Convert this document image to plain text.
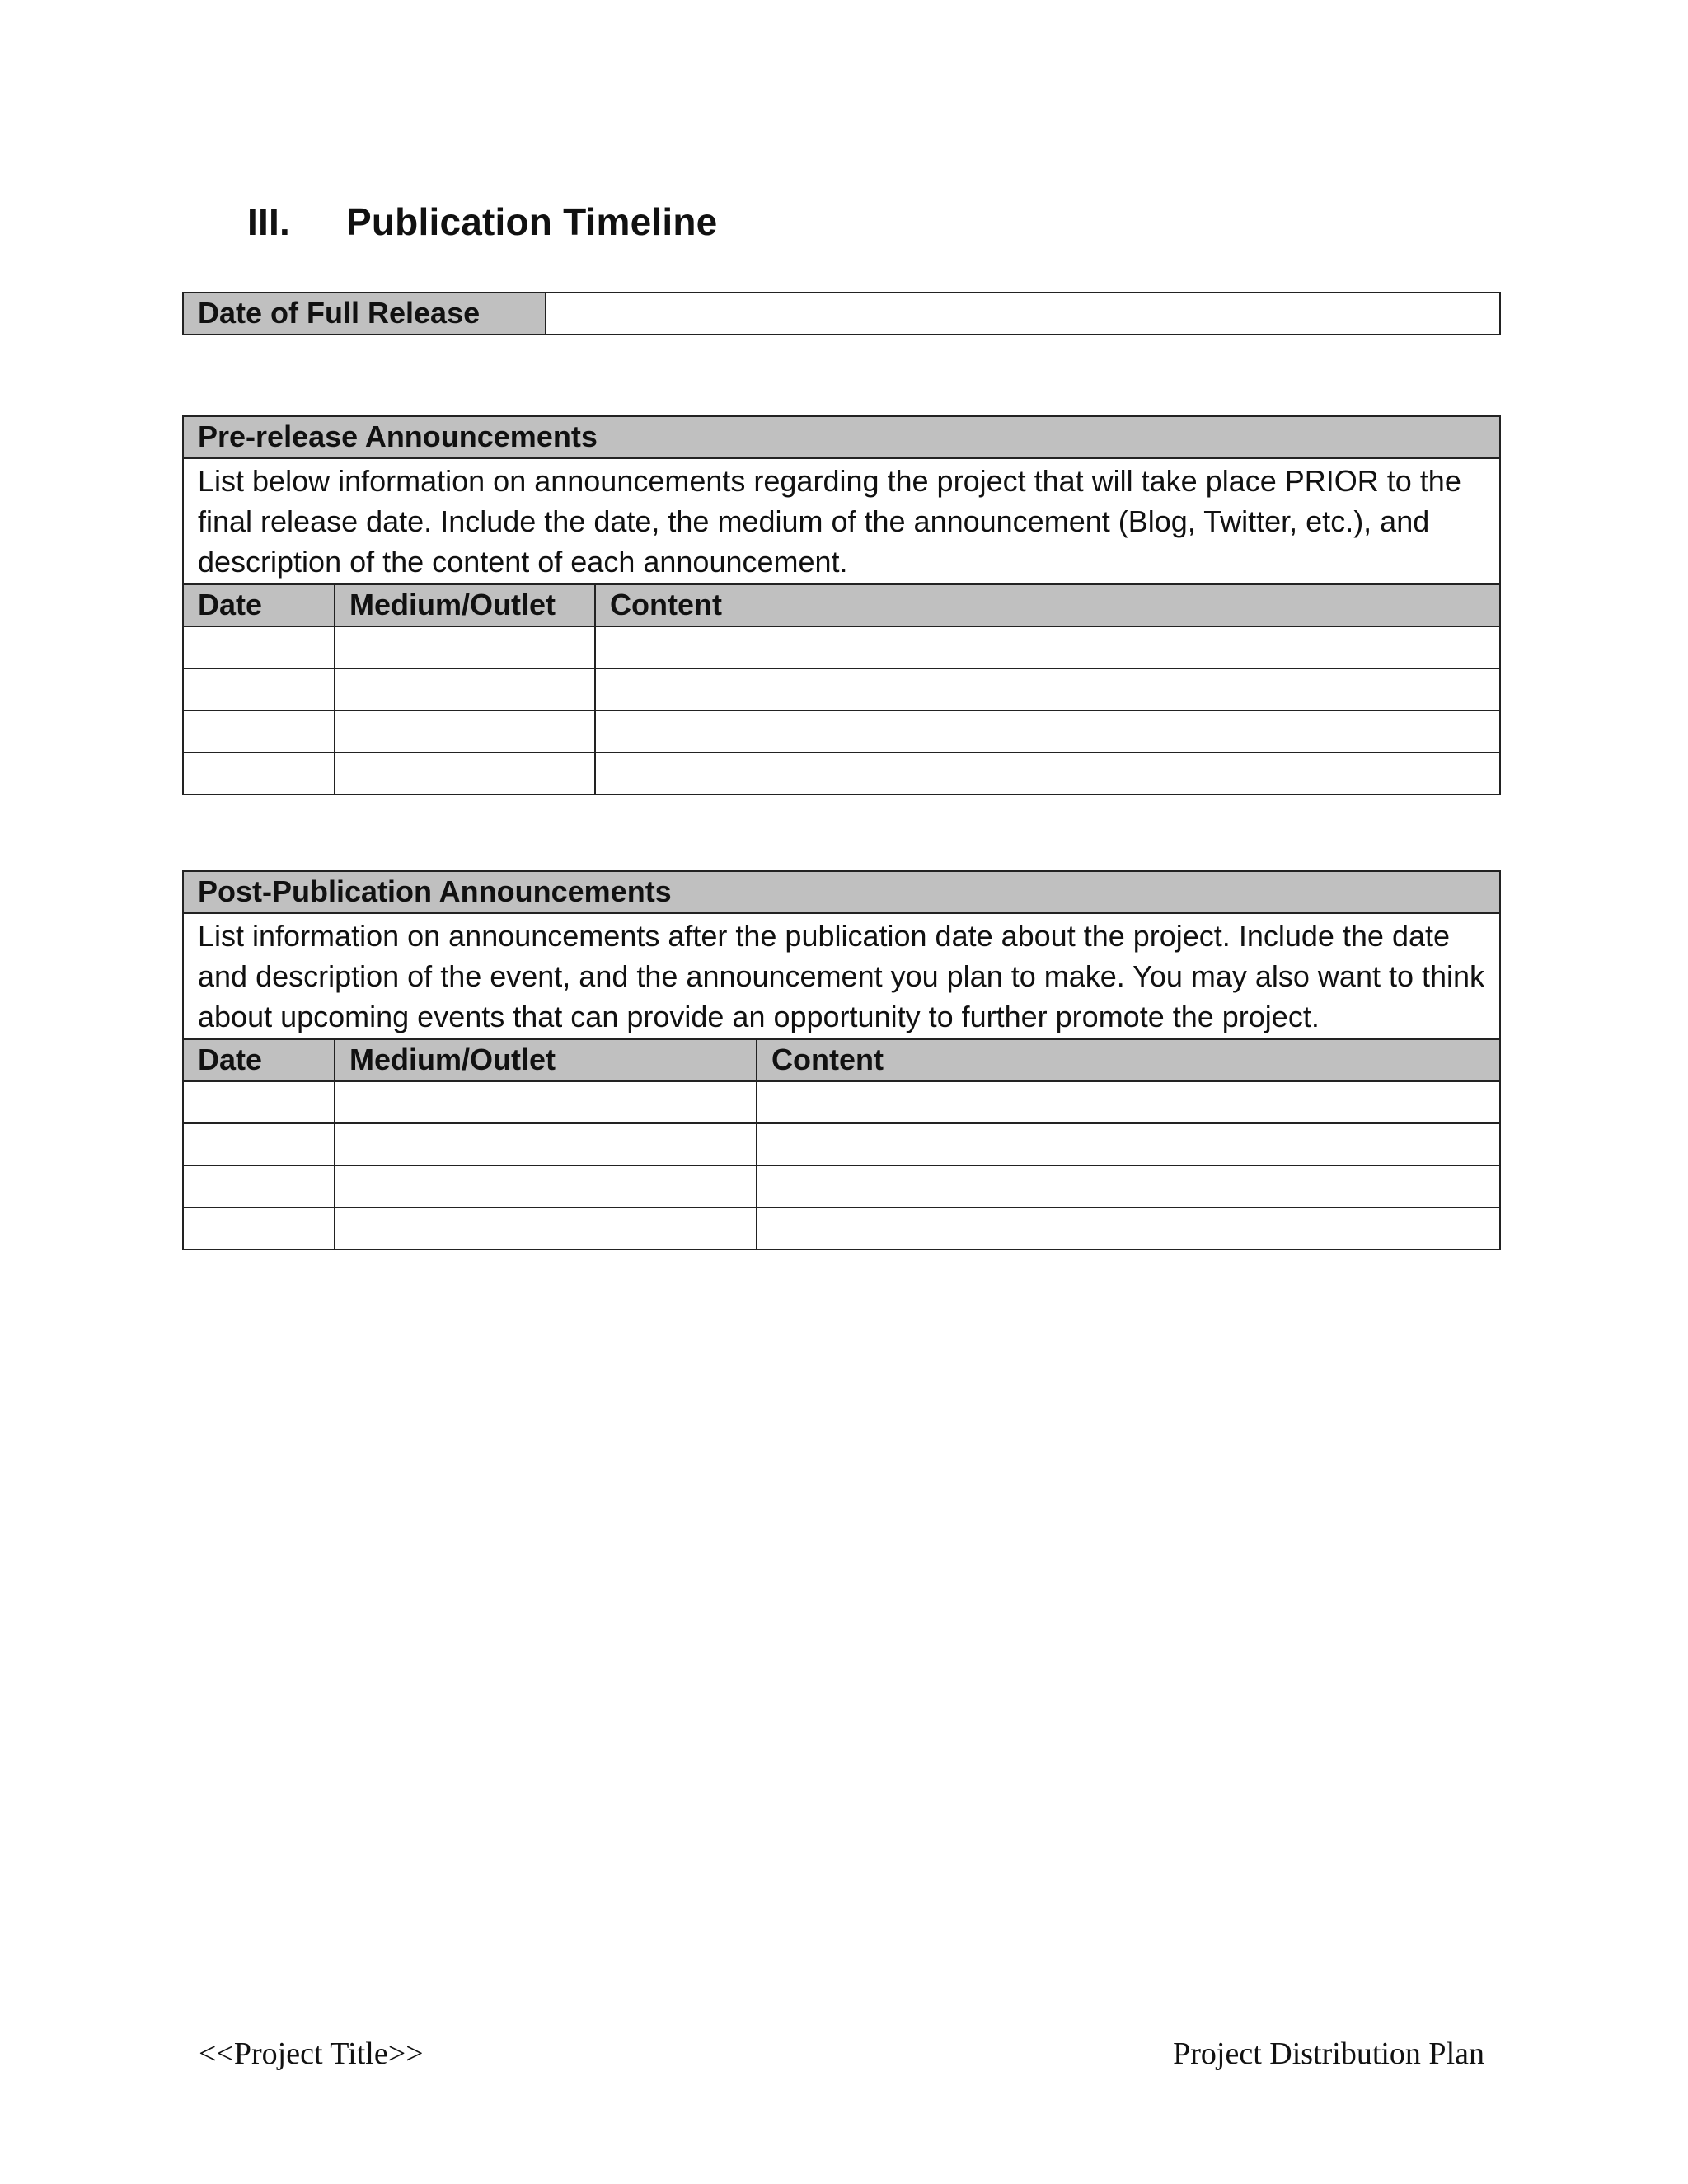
III. Publication Timeline
Date of Full Release	
Pre-release Announcements		
List below information on announcements regarding the project that will take place PRIOR to the final release date. Include the date, the medium of the announcement (Blog, Twitter, etc.), and description of the content of each announcement.		
Date	Medium/Outlet	Content

Post-Publication Announcements		
List information on announcements after the publication date about the project. Include the date and description of the event, and the announcement you plan to make. You may also want to think about upcoming events that can provide an opportunity to further promote the project.		
Date	Medium/Outlet	Content

<<Project Title>>	Project Distribution Plan
